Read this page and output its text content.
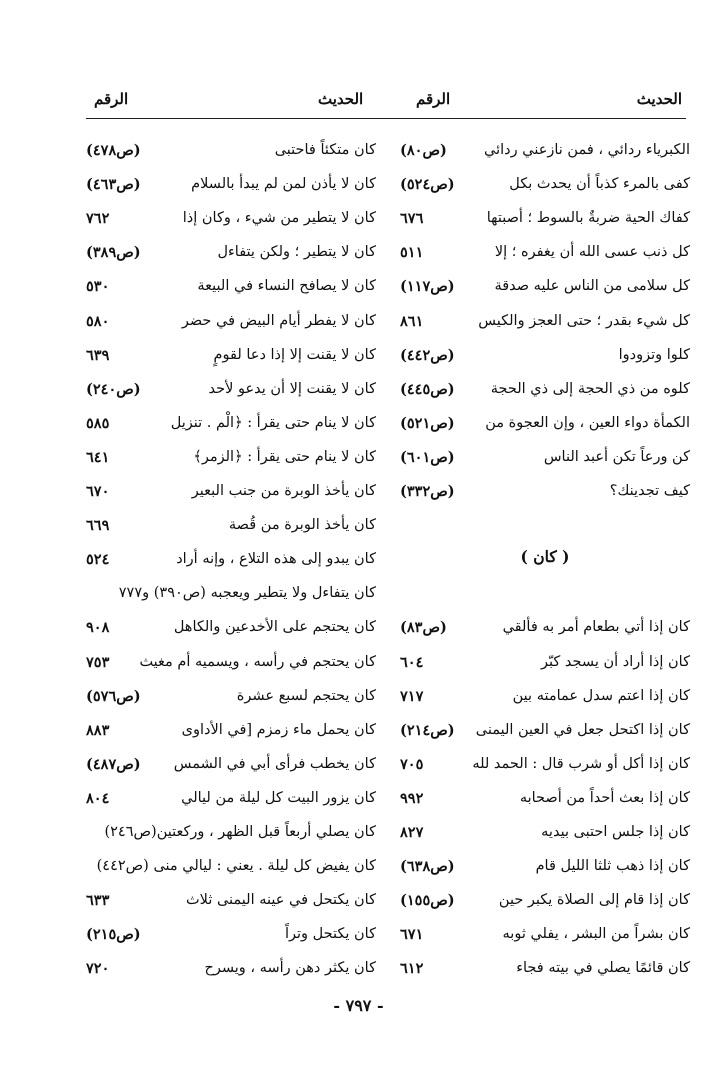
الحديث
الرقم
الحديث
الرقم
الكبرياء ردائي ، فمن نازعني ردائي
(ص٨٠)
كفى بالمرء كذباً أن يحدث بكل
(ص٥٢٤)
كفاك الحية ضربةٌ بالسوط ؛ أصبتها
٦٧٦
كل ذنب عسى الله أن يغفره ؛ إلا
٥١١
كل سلامى من الناس عليه صدقة
(ص١١٧)
كل شيء بقدر ؛ حتى العجز والكيس
٨٦١
كلوا وتزودوا
(ص٤٤٢)
كلوه من ذي الحجة إلى ذي الحجة
(ص٤٤٥)
الكمأة دواء العين ، وإن العجوة من
(ص٥٢١)
كن ورعاً تكن أعبد الناس
(ص٦٠١)
كيف تجدينك؟
(ص٣٣٢)
( كان )
كان إذا أتي بطعام أمر به فألقي
(ص٨٣)
كان إذا أراد أن يسجد كبّر
٦٠٤
كان إذا اعتم سدل عمامته بين
٧١٧
كان إذا اكتحل جعل في العين اليمنى
(ص٢١٤)
كان إذا أكل أو شرب قال : الحمد لله
٧٠٥
كان إذا بعث أحداً من أصحابه
٩٩٢
كان إذا جلس احتبى بيديه
٨٢٧
كان إذا ذهب ثلثا الليل قام
(ص٦٣٨)
كان إذا قام إلى الصلاة يكبر حين
(ص١٥٥)
كان بشراً من البشر ، يفلي ثوبه
٦٧١
كان قائمًا يصلي في بيته فجاء
٦١٢
كان متكئاً فاحتبى
(ص٤٧٨)
كان لا يأذن لمن لم يبدأ بالسلام
(ص٤٦٣)
كان لا يتطير من شيء ، وكان إذا
٧٦٢
كان لا يتطير ؛ ولكن يتفاءل
(ص٣٨٩)
كان لا يصافح النساء في البيعة
٥٣٠
كان لا يفطر أيام البيض في حضر
٥٨٠
كان لا يقنت إلا إذا دعا لقومٍ
٦٣٩
كان لا يقنت إلا أن يدعو لأحد
(ص٢٤٠)
كان لا ينام حتى يقرأ : ﴿الْم . تنزيل
٥٨٥
كان لا ينام حتى يقرأ : ﴿الزمر﴾
٦٤١
كان يأخذ الوبرة من جنب البعير
٦٧٠
كان يأخذ الوبرة من قُصة
٦٦٩
كان يبدو إلى هذه التلاع ، وإنه أراد
٥٢٤
كان يتفاءل ولا يتطير ويعجبه (ص٣٩٠) و٧٧٧
كان يحتجم على الأخدعين والكاهل
٩٠٨
كان يحتجم في رأسه ، ويسميه أم مغيث
٧٥٣
كان يحتجم لسبع عشرة
(ص٥٧٦)
كان يحمل ماء زمزم [في الأداوى
٨٨٣
كان يخطب فرأى أبي في الشمس
(ص٤٨٧)
كان يزور البيت كل ليلة من ليالي
٨٠٤
كان يصلي أربعاً قبل الظهر ، وركعتين(ص٢٤٦)
كان يفيض كل ليلة . يعني : ليالي منى (ص٤٤٢)
كان يكتحل في عينه اليمنى ثلاث
٦٣٣
كان يكتحل وتراً
(ص٢١٥)
كان يكثر دهن رأسه ، ويسرح
٧٢٠
- ٧٩٧ -
